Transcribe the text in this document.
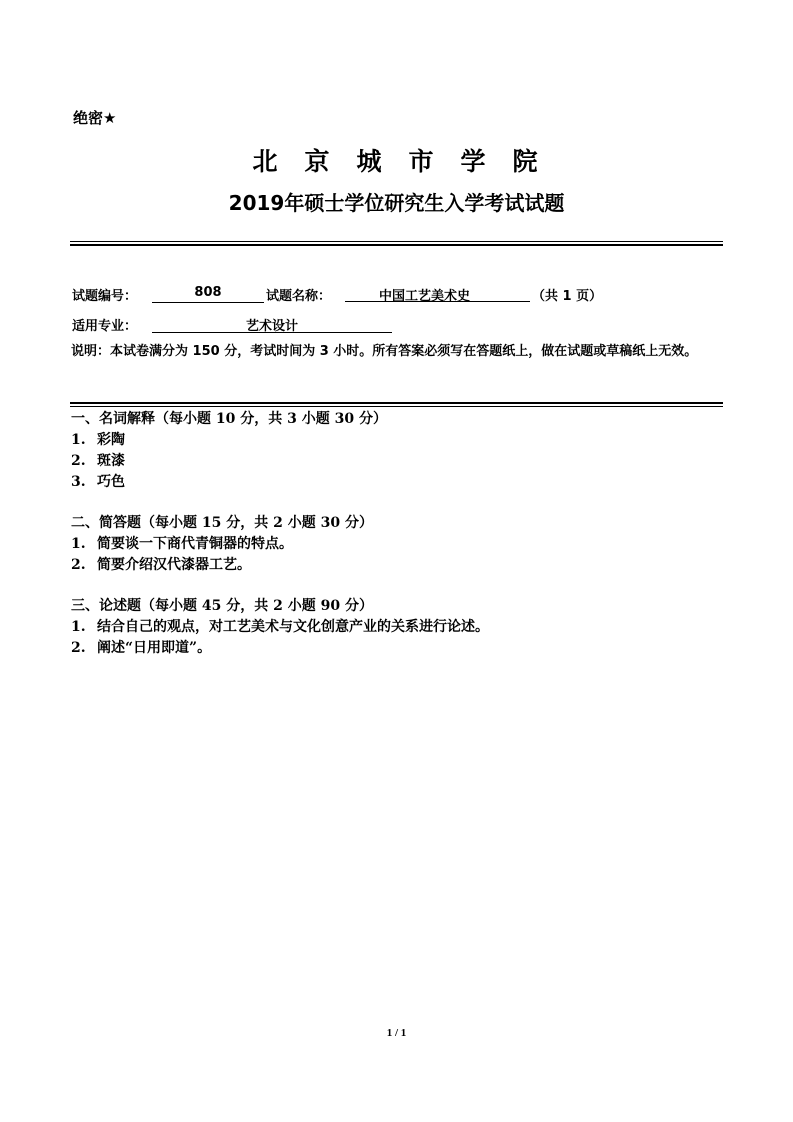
绝密★
北京城市学院
2019年硕士学位研究生入学考试试题
试题编号：	808	试题名称：	中国工艺美术史	（共 1 页）
适用专业：	艺术设计
说明：本试卷满分为 150 分，考试时间为 3 小时。所有答案必须写在答题纸上，做在试题或草稿纸上无效。
一、名词解释（每小题 10 分，共 3 小题 30 分）
1. 彩陶
2. 斑漆
3. 巧色
二、简答题（每小题 15 分，共 2 小题 30 分）
1. 简要谈一下商代青铜器的特点。
2. 简要介绍汉代漆器工艺。
三、论述题（每小题 45 分，共 2 小题 90 分）
1. 结合自己的观点，对工艺美术与文化创意产业的关系进行论述。
2. 阐述“日用即道”。
1 / 1
